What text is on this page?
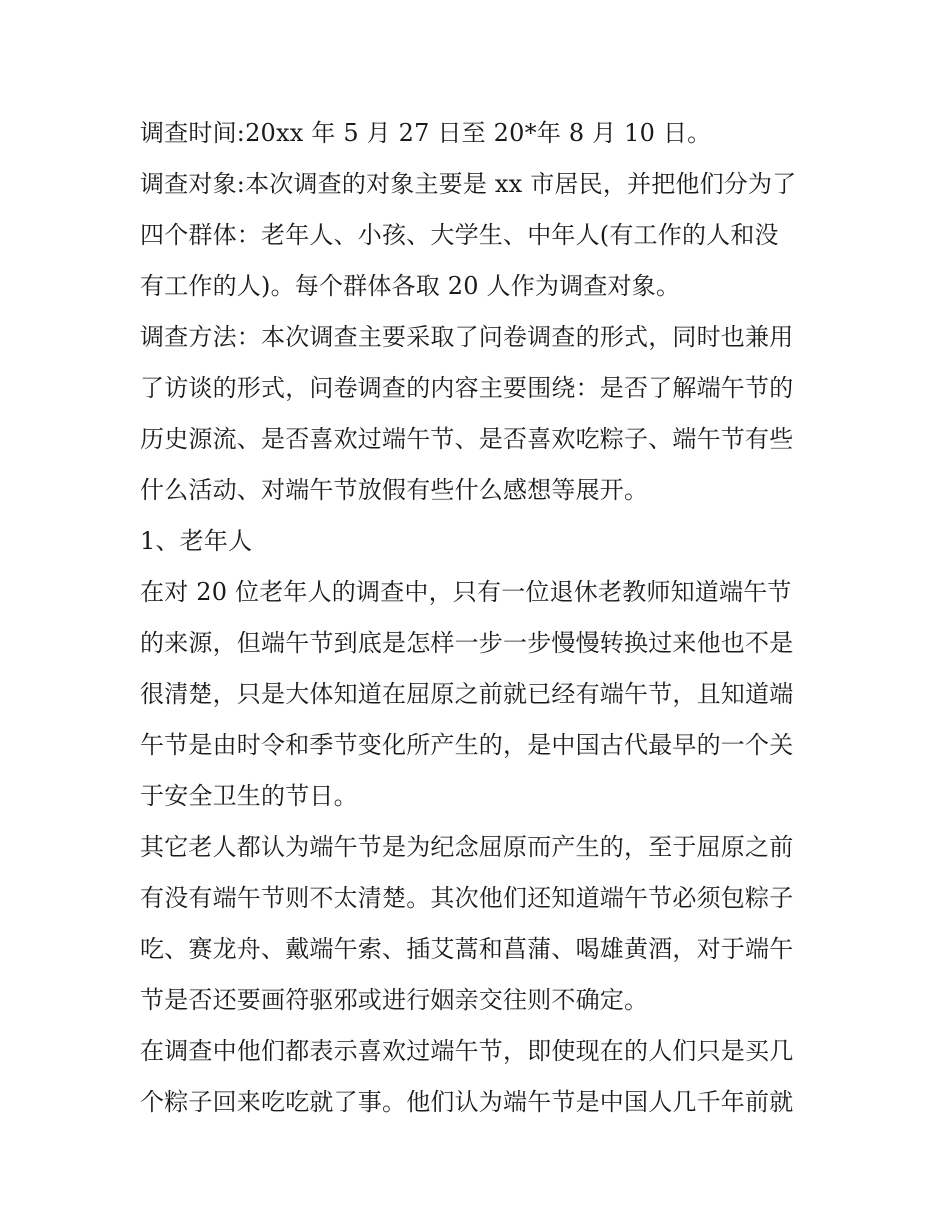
调查时间:20xx 年 5 月 27 日至 20*年 8 月 10 日。

调查对象:本次调查的对象主要是 xx 市居民，并把他们分为了
四个群体：老年人、小孩、大学生、中年人(有工作的人和没
有工作的人)。每个群体各取 20 人作为调查对象。

调查方法：本次调查主要采取了问卷调查的形式，同时也兼用
了访谈的形式，问卷调查的内容主要围绕：是否了解端午节的
历史源流、是否喜欢过端午节、是否喜欢吃粽子、端午节有些
什么活动、对端午节放假有些什么感想等展开。

1、老年人

在对 20 位老年人的调查中，只有一位退休老教师知道端午节
的来源，但端午节到底是怎样一步一步慢慢转换过来他也不是
很清楚，只是大体知道在屈原之前就已经有端午节，且知道端
午节是由时令和季节变化所产生的，是中国古代最早的一个关
于安全卫生的节日。

其它老人都认为端午节是为纪念屈原而产生的，至于屈原之前
有没有端午节则不太清楚。其次他们还知道端午节必须包粽子
吃、赛龙舟、戴端午索、插艾蒿和菖蒲、喝雄黄酒，对于端午
节是否还要画符驱邪或进行姻亲交往则不确定。

在调查中他们都表示喜欢过端午节，即使现在的人们只是买几
个粽子回来吃吃就了事。他们认为端午节是中国人几千年前就
